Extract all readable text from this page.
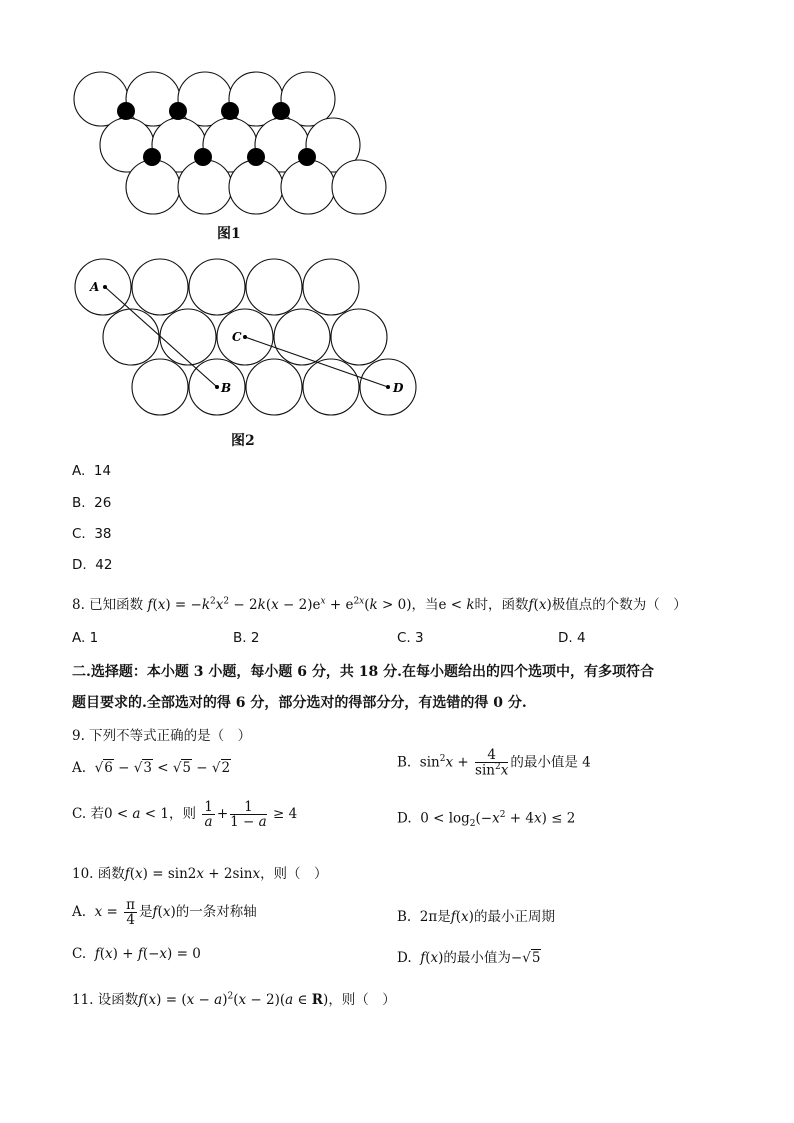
图1
A
B
C
D
图2
A. 14
B. 26
C. 38
D. 42
8. 已知函数 $f(x) = -k^2x^2 - 2k(x - 2)e^x + e^{2x}(k > 0)$，当e < k时，函数f(x)极值点的个数为（　）
A. 1	B. 2	C. 3	D. 4
二.选择题：本小题 3 小题，每小题 6 分，共 18 分.在每小题给出的四个选项中，有多项符合
题目要求的.全部选对的得 6 分，部分选对的得部分分，有选错的得 0 分.
9. 下列不等式正确的是（　）
A.  √6 − √3 < √5 − √2	B.  $\sin^2x + \frac{4}{\sin^2x}$ 的最小值是 4
C. 若0 < a < 1，则 $\frac{1}{a} + \frac{1}{1 - a} \ge 4$	D.  $0 < \log_2(-x^2 + 4x) \le 2$
10. 函数f(x) = sin2x + 2sinx，则（　）
A. $x = \frac{\pi}{4}$ 是f(x)的一条对称轴	B.  2π是f(x)的最小正周期
C. f(x) + f(−x) = 0	D. f(x)的最小值为−√5
11. 设函数$f(x) = (x - a)^2(x - 2)(a$ ∈ R)，则（　）
